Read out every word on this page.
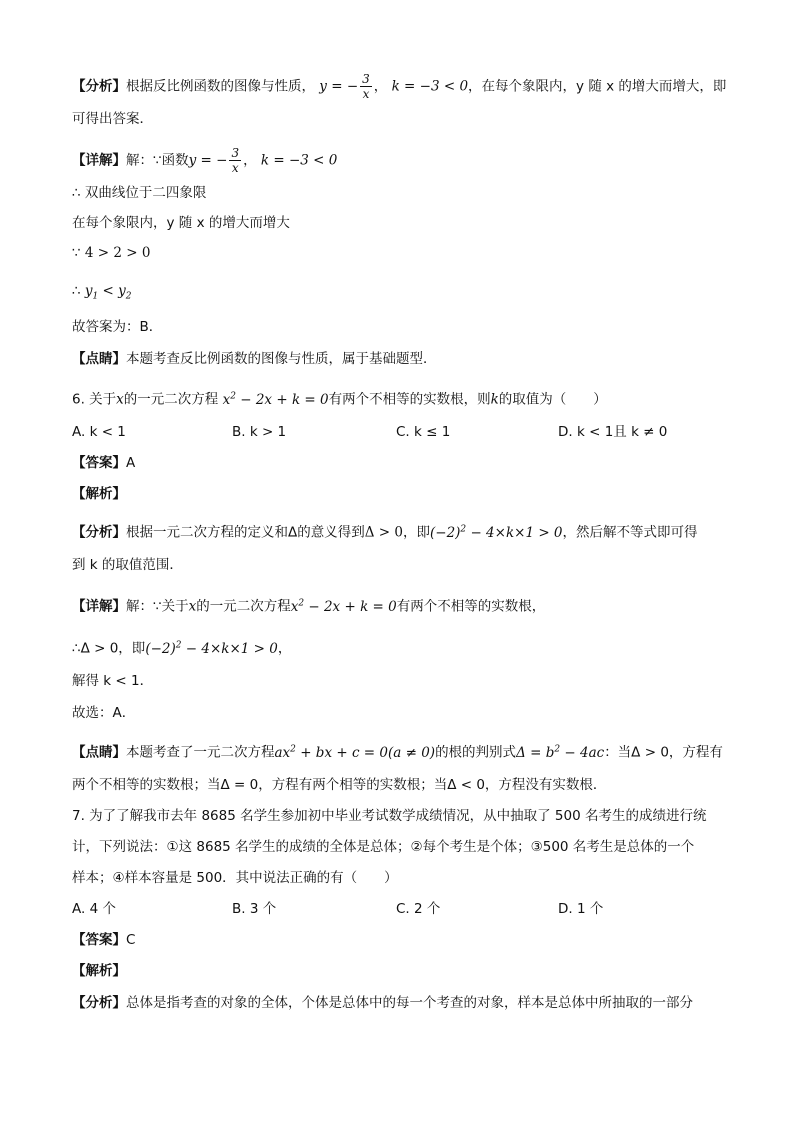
【分析】根据反比例函数的图像与性质， y = − $\frac{3}{x}$ ， k = −3 < 0，在每个象限内，y 随 x 的增大而增大，即
可得出答案．
【详解】解：∵函数y = − $\frac{3}{x}$ ， k = −3 < 0
∴ 双曲线位于二四象限
在每个象限内，y 随 x 的增大而增大
∵ 4 > 2 > 0
∴ $y_1 < y_2$
故答案为：B．
【点睛】本题考查反比例函数的图像与性质，属于基础题型．
6. 关于x的一元二次方程 $x^2 - 2x + k = 0$有两个不相等的实数根，则k的取值为（　　）
A. k < 1	B. k > 1	C. k ≤ 1	D. k < 1且 k ≠ 0
【答案】A
【解析】
【分析】根据一元二次方程的定义和Δ的意义得到Δ > 0，即$(-2)^2 - 4\times k\times 1 > 0$，然后解不等式即可得
到 k 的取值范围．
【详解】解：∵关于x的一元二次方程$x^2 - 2x + k = 0$有两个不相等的实数根，
∴Δ > 0，即$(-2)^2 - 4\times k\times 1 > 0$，
解得 k < 1．
故选：A．
【点睛】本题考查了一元二次方程$ax^2$ + bx + c = 0(a ≠ 0)的根的判别式$\Delta = b^2 - 4ac$：当Δ > 0，方程有
两个不相等的实数根；当Δ = 0，方程有两个相等的实数根；当Δ < 0，方程没有实数根．
7. 为了了解我市去年 8685 名学生参加初中毕业考试数学成绩情况，从中抽取了 500 名考生的成绩进行统
计，下列说法：①这 8685 名学生的成绩的全体是总体；②每个考生是个体；③500 名考生是总体的一个
样本；④样本容量是 500．其中说法正确的有（　　）
A. 4 个	B. 3 个	C. 2 个	D. 1 个
【答案】C
【解析】
【分析】总体是指考查的对象的全体，个体是总体中的每一个考查的对象，样本是总体中所抽取的一部分
